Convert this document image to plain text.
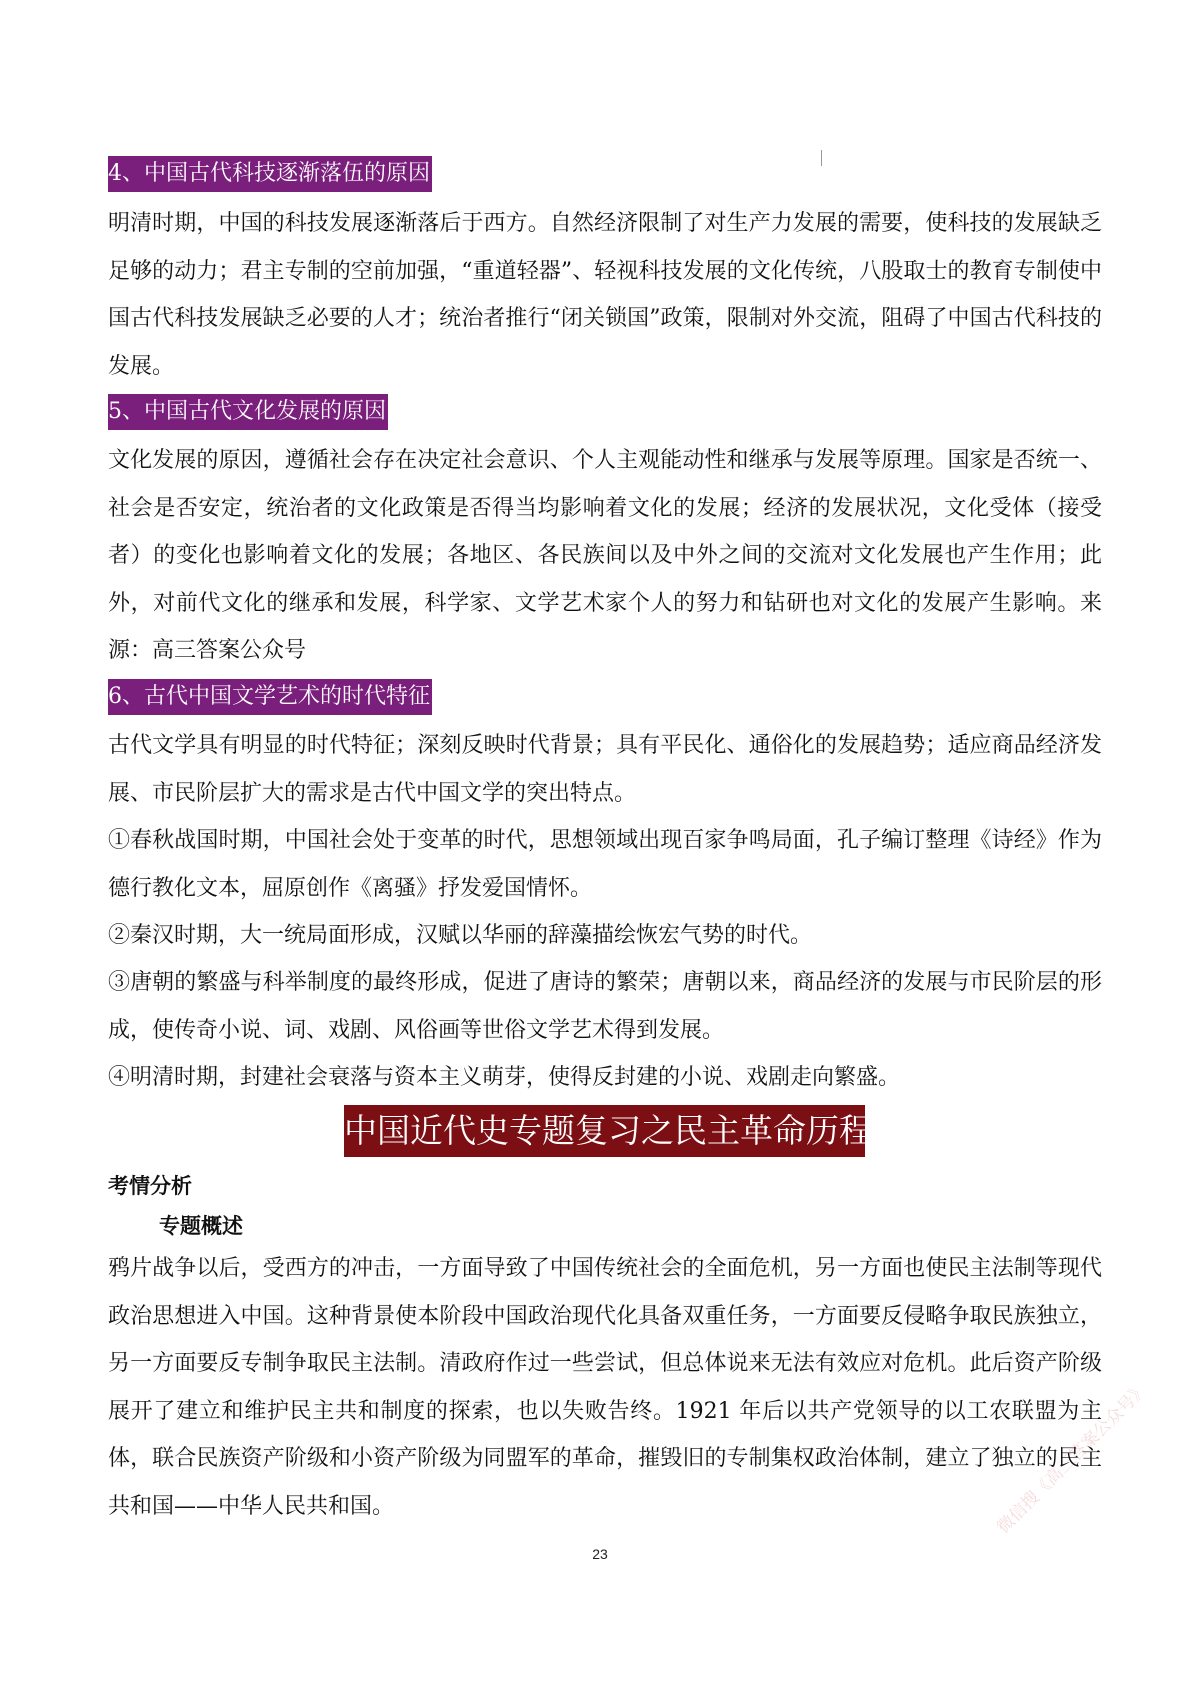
4、中国古代科技逐渐落伍的原因

明清时期，中国的科技发展逐渐落后于西方。自然经济限制了对生产力发展的需要，使科技的发展缺乏足够的动力；君主专制的空前加强，“重道轻器”、轻视科技发展的文化传统，八股取士的教育专制使中国古代科技发展缺乏必要的人才；统治者推行“闭关锁国”政策，限制对外交流，阻碍了中国古代科技的发展。

5、中国古代文化发展的原因

文化发展的原因，遵循社会存在决定社会意识、个人主观能动性和继承与发展等原理。国家是否统一、社会是否安定，统治者的文化政策是否得当均影响着文化的发展；经济的发展状况，文化受体（接受者）的变化也影响着文化的发展；各地区、各民族间以及中外之间的交流对文化发展也产生作用；此外，对前代文化的继承和发展，科学家、文学艺术家个人的努力和钻研也对文化的发展产生影响。来源：高三答案公众号

6、古代中国文学艺术的时代特征

古代文学具有明显的时代特征；深刻反映时代背景；具有平民化、通俗化的发展趋势；适应商品经济发展、市民阶层扩大的需求是古代中国文学的突出特点。

①春秋战国时期，中国社会处于变革的时代，思想领域出现百家争鸣局面，孔子编订整理《诗经》作为德行教化文本，屈原创作《离骚》抒发爱国情怀。

②秦汉时期，大一统局面形成，汉赋以华丽的辞藻描绘恢宏气势的时代。

③唐朝的繁盛与科举制度的最终形成，促进了唐诗的繁荣；唐朝以来，商品经济的发展与市民阶层的形成，使传奇小说、词、戏剧、风俗画等世俗文学艺术得到发展。

④明清时期，封建社会衰落与资本主义萌芽，使得反封建的小说、戏剧走向繁盛。

中国近代史专题复习之民主革命历程
考情分析
专题概述

鸦片战争以后，受西方的冲击，一方面导致了中国传统社会的全面危机，另一方面也使民主法制等现代政治思想进入中国。这种背景使本阶段中国政治现代化具备双重任务，一方面要反侵略争取民族独立，另一方面要反专制争取民主法制。清政府作过一些尝试，但总体说来无法有效应对危机。此后资产阶级展开了建立和维护民主共和制度的探索，也以失败告终。1921 年后以共产党领导的以工农联盟为主体，联合民族资产阶级和小资产阶级为同盟军的革命，摧毁旧的专制集权政治体制，建立了独立的民主共和国——中华人民共和国。

23
微信搜《高三答案公众号》
